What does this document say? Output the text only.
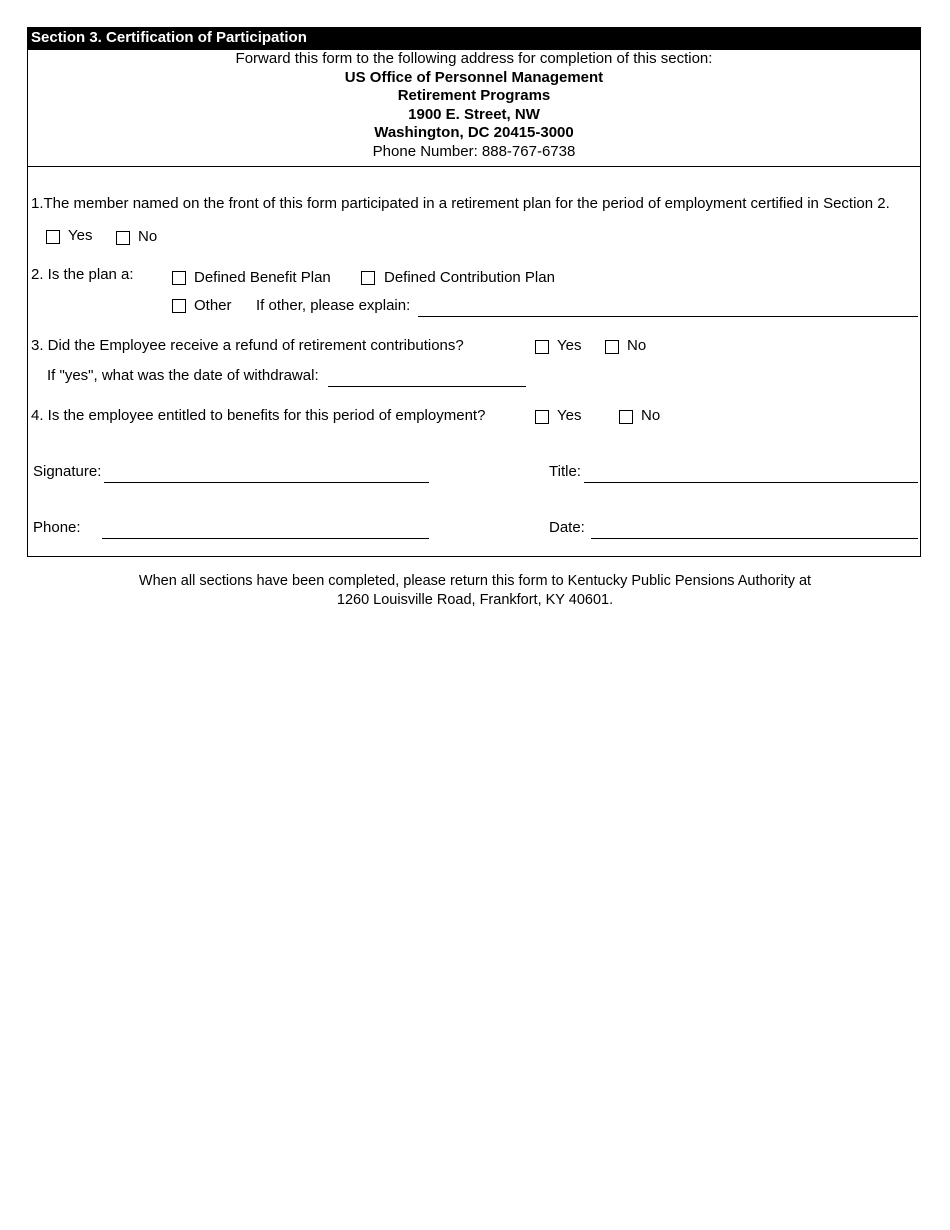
Section 3. Certification of Participation
Forward this form to the following address for completion of this section:
US Office of Personnel Management
Retirement Programs
1900 E. Street, NW
Washington, DC 20415-3000
Phone Number: 888-767-6738
1.The member named on the front of this form participated in a retirement plan for the period of employment certified in Section 2.
Yes	No
2. Is the plan a:	Defined Benefit Plan	Defined Contribution Plan
Other If other, please explain:
3. Did the Employee receive a refund of retirement contributions?	Yes	No
If "yes", what was the date of withdrawal:
4. Is the employee entitled to benefits for this period of employment?	Yes	No
Signature:	Title:
Phone:	Date:
When all sections have been completed, please return this form to Kentucky Public Pensions Authority at
1260 Louisville Road, Frankfort, KY 40601.
